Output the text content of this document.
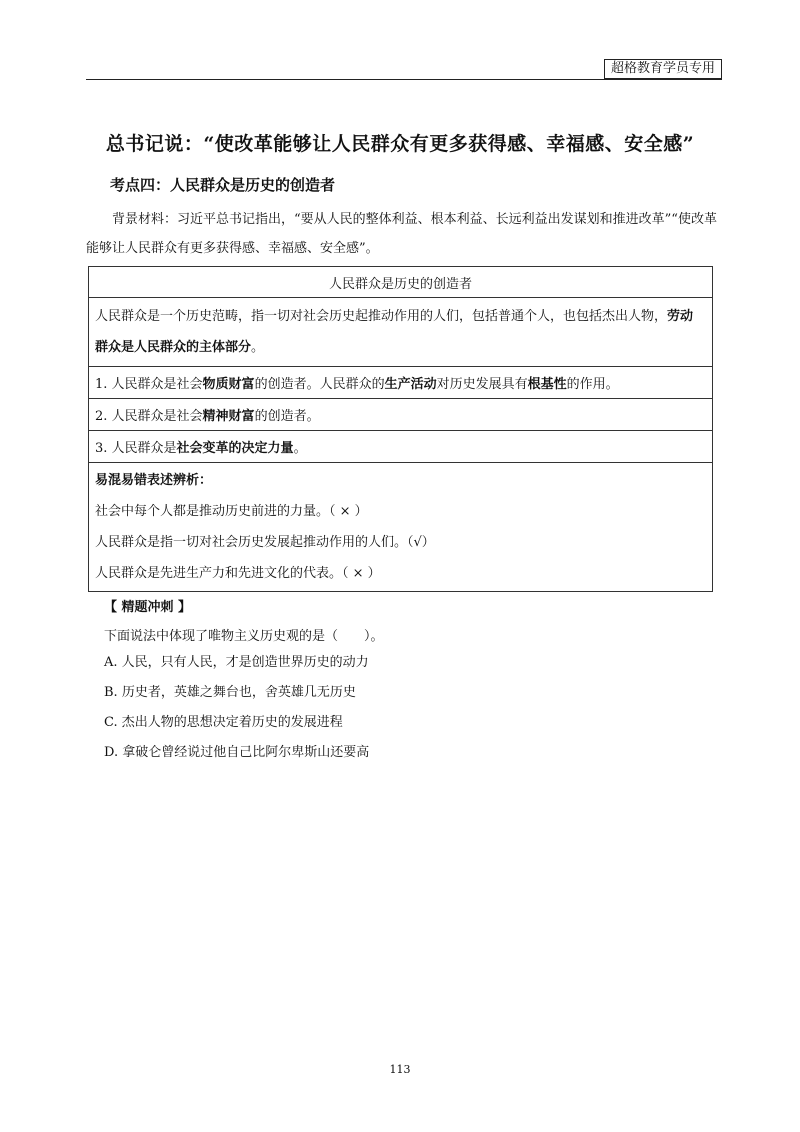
超格教育学员专用
总书记说：“使改革能够让人民群众有更多获得感、幸福感、安全感”
考点四：人民群众是历史的创造者
背景材料：习近平总书记指出，“要从人民的整体利益、根本利益、长远利益出发谋划和推进改革”“使改革能够让人民群众有更多获得感、幸福感、安全感”。
人民群众是历史的创造者
人民群众是一个历史范畴，指一切对社会历史起推动作用的人们，包括普通个人，也包括杰出人物，劳动群众是人民群众的主体部分。
1. 人民群众是社会物质财富的创造者。人民群众的生产活动对历史发展具有根基性的作用。
2. 人民群众是社会精神财富的创造者。
3. 人民群众是社会变革的决定力量。

易混易错表述辨析：
社会中每个人都是推动历史前进的力量。（ × ）
人民群众是指一切对社会历史发展起推动作用的人们。（√）
人民群众是先进生产力和先进文化的代表。（ × ）
【 精题冲刺 】
下面说法中体现了唯物主义历史观的是（　　）。
A. 人民，只有人民，才是创造世界历史的动力
B. 历史者，英雄之舞台也，舍英雄几无历史
C. 杰出人物的思想决定着历史的发展进程
D. 拿破仑曾经说过他自己比阿尔卑斯山还要高
113
